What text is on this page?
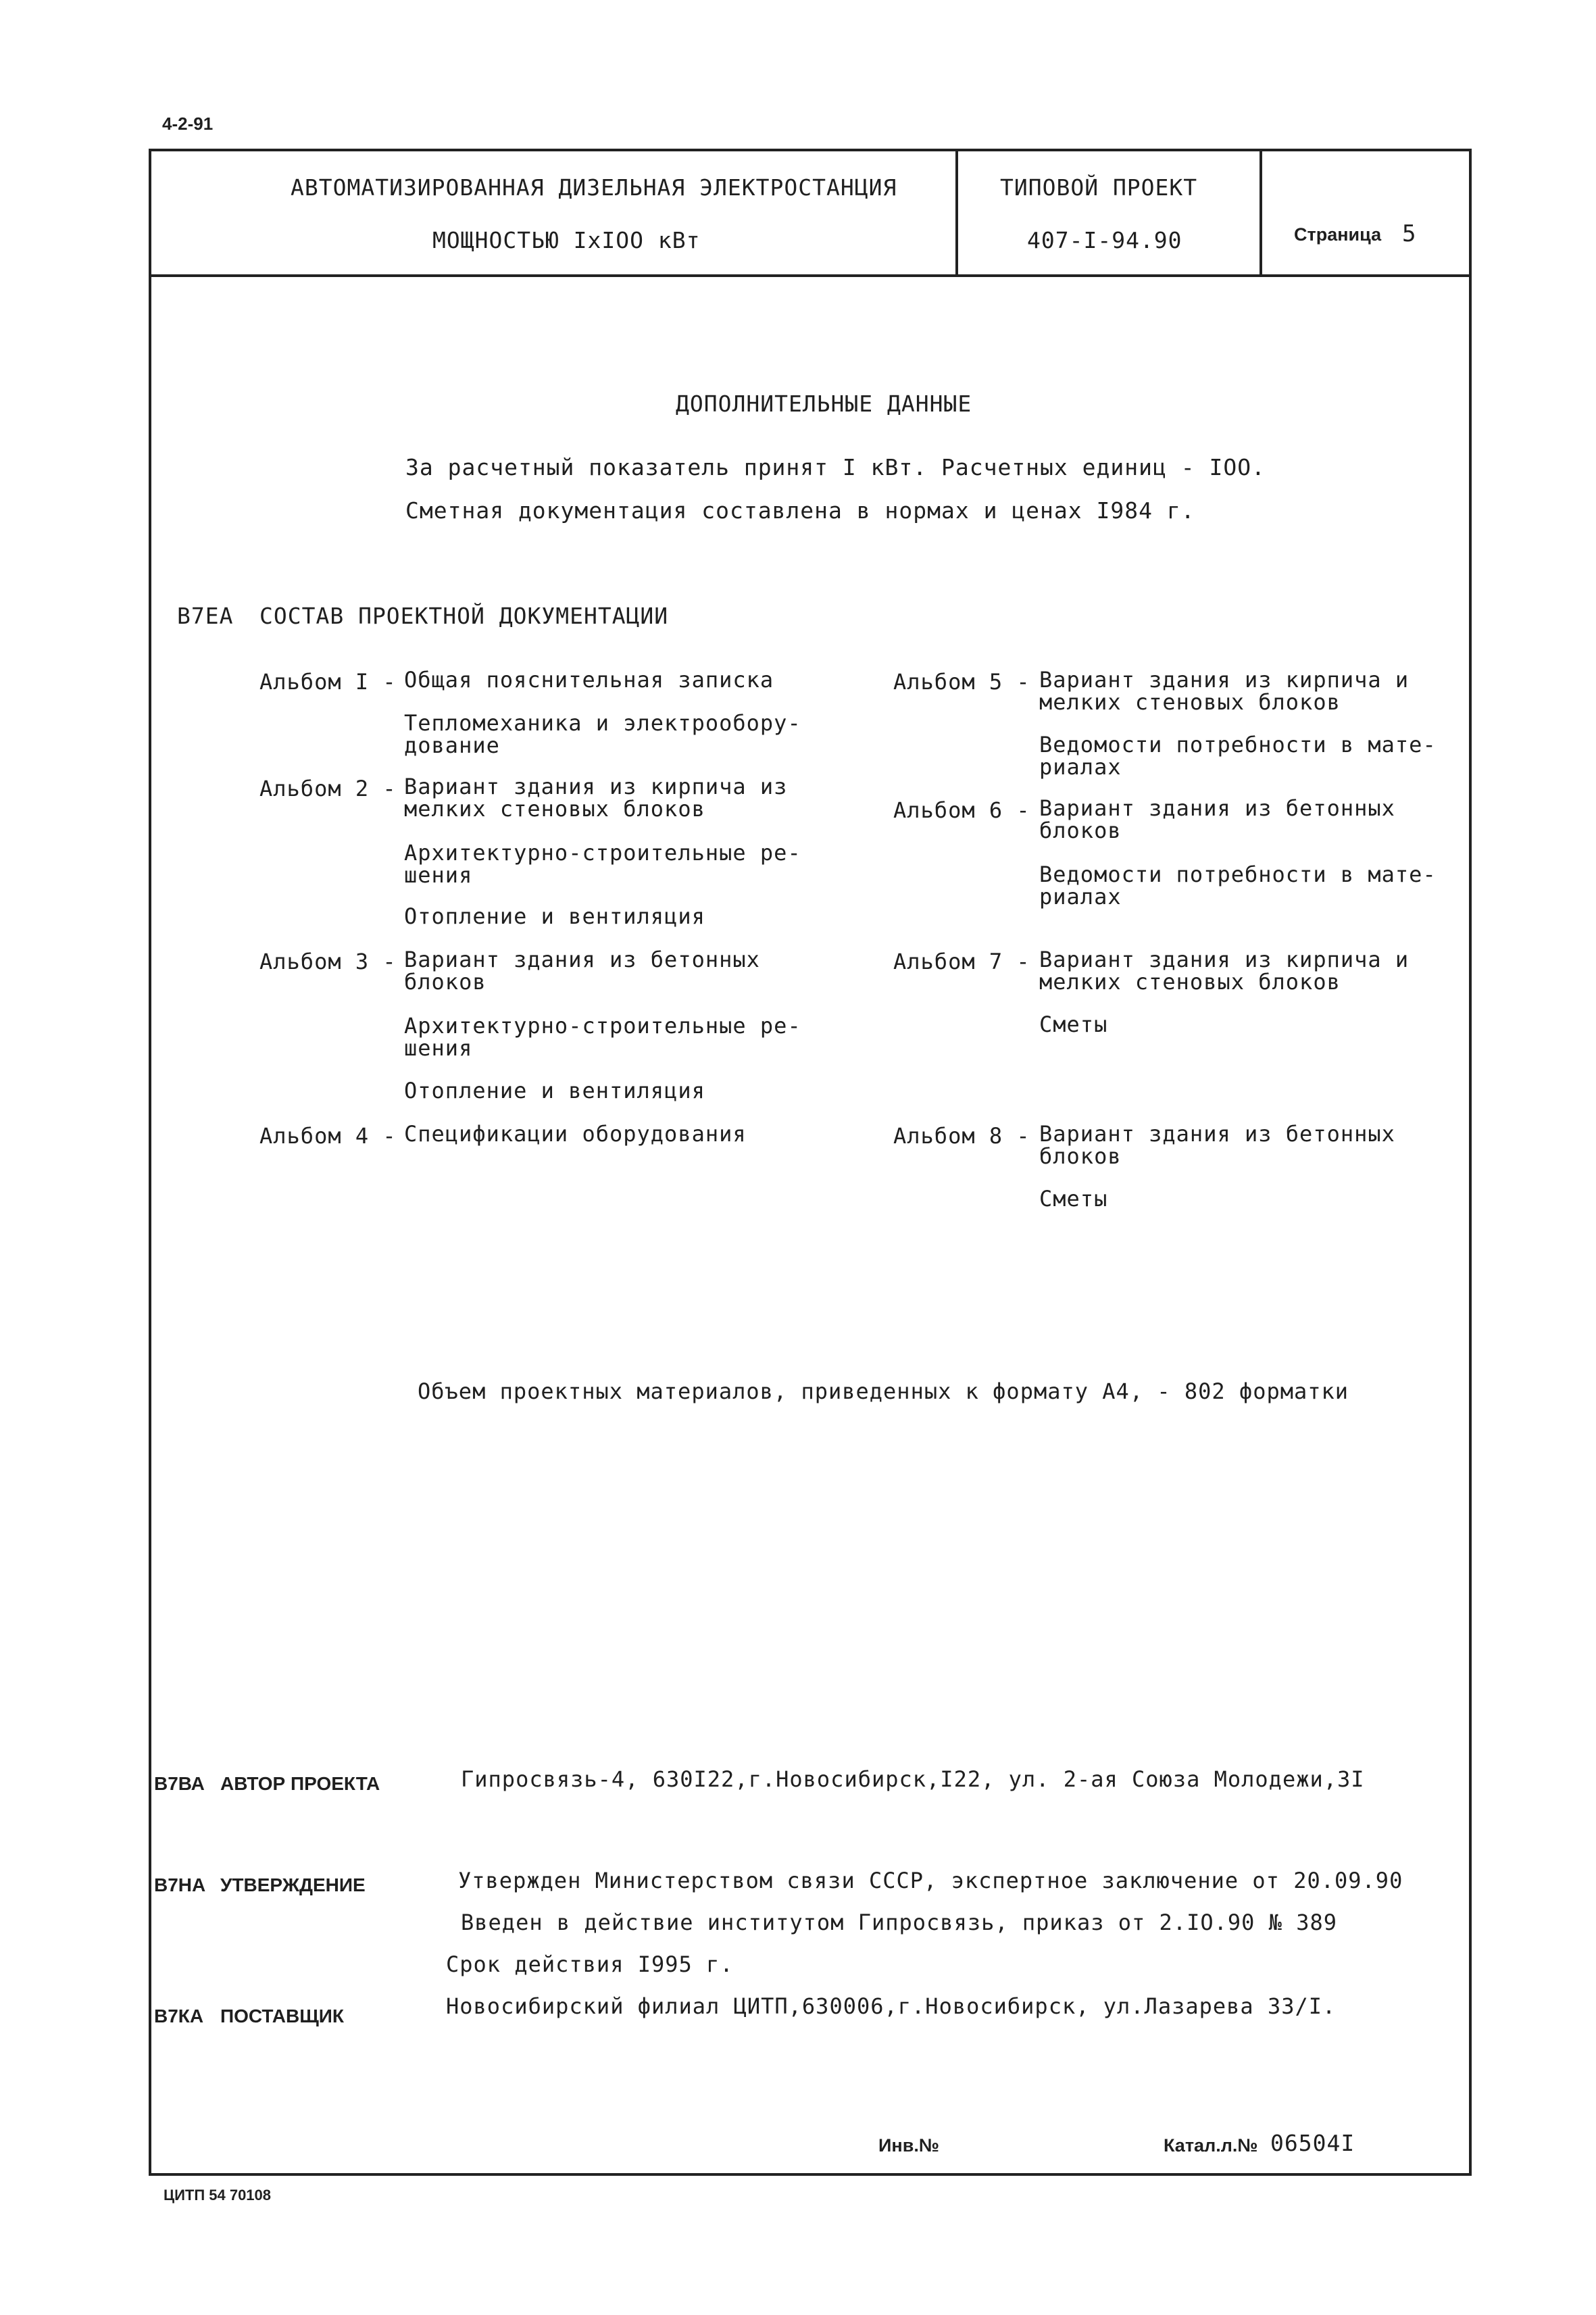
4-2-91
АВТОМАТИЗИРОВАННАЯ ДИЗЕЛЬНАЯ ЭЛЕКТРОСТАНЦИЯ
МОЩНОСТЬЮ IxIOO кВт
ТИПОВОЙ ПРОЕКТ
407-I-94.90	Страница 5
ДОПОЛНИТЕЛЬНЫЕ ДАННЫЕ
За расчетный показатель принят I кВт. Расчетных единиц - IOO.
Сметная документация составлена в нормах и ценах I984 г.
В7ЕА СОСТАВ ПРОЕКТНОЙ ДОКУМЕНТАЦИИ
Альбом I - Общая пояснительная записка
Тепломеханика и электрообору-
дование
Альбом 2 - Вариант здания из кирпича из
мелких стеновых блоков
Архитектурно-строительные ре-
шения
Отопление и вентиляция
Альбом 3 - Вариант здания из бетонных
блоков
Архитектурно-строительные ре-
шения
Отопление и вентиляция
Альбом 4 - Спецификации оборудования
Альбом 5 - Вариант здания из кирпича и
мелких стеновых блоков
Ведомости потребности в мате-
риалах
Альбом 6 - Вариант здания из бетонных
блоков
Ведомости потребности в мате-
риалах
Альбом 7 - Вариант здания из кирпича и
мелких стеновых блоков
Сметы
Альбом 8 - Вариант здания из бетонных
блоков
Сметы
Объем проектных материалов, приведенных к формату А4, - 802 форматки
В7ВА АВТОР ПРОЕКТА	Гипросвязь-4, 630I22,г.Новосибирск,I22, ул. 2-ая Союза Молодежи,3I
В7НА УТВЕРЖДЕНИЕ	Утвержден Министерством связи СССР, экспертное заключение от 20.09.90
Введен в действие институтом Гипросвязь, приказ от 2.IO.90 № 389
Срок действия I995 г.
В7КА ПОСТАВЩИК	Новосибирский филиал ЦИТП,630006,г.Новосибирск, ул.Лазарева 33/I.
Инв.№	Катал.л.№ 06504I
ЦИТП 54 70108
